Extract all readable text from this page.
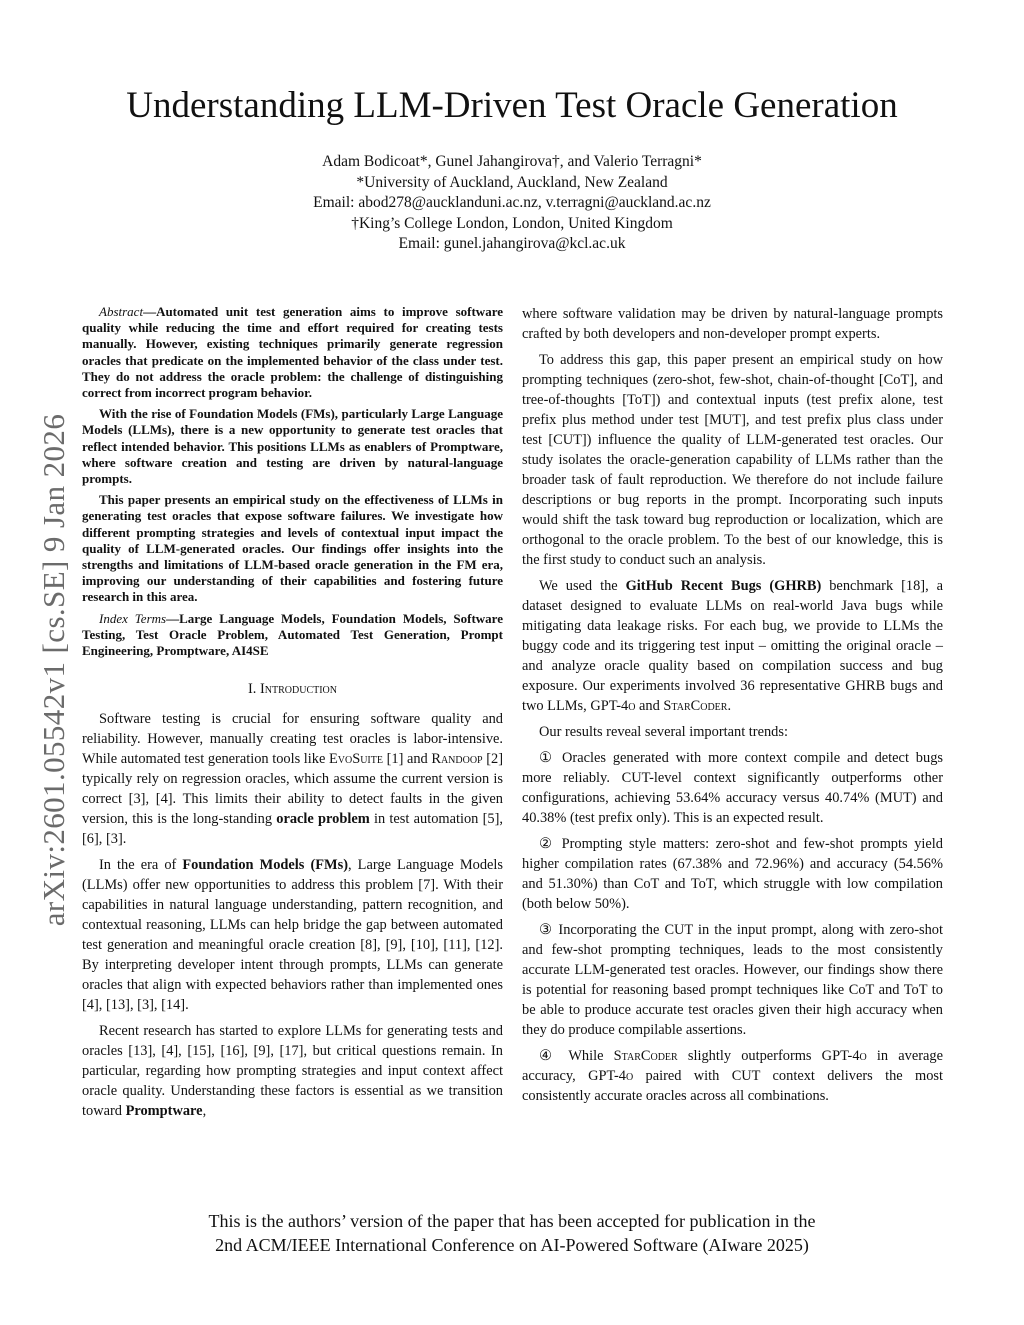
Understanding LLM-Driven Test Oracle Generation
Adam Bodicoat*, Gunel Jahangirova†, and Valerio Terragni*
*University of Auckland, Auckland, New Zealand
Email: abod278@aucklanduni.ac.nz, v.terragni@auckland.ac.nz
†King’s College London, London, United Kingdom
Email: gunel.jahangirova@kcl.ac.uk
arXiv:2601.05542v1 [cs.SE] 9 Jan 2026

Abstract—Automated unit test generation aims to improve software quality while reducing the time and effort required for creating tests manually. However, existing techniques primarily generate regression oracles that predicate on the implemented behavior of the class under test. They do not address the oracle problem: the challenge of distinguishing correct from incorrect program behavior.

With the rise of Foundation Models (FMs), particularly Large Language Models (LLMs), there is a new opportunity to generate test oracles that reflect intended behavior. This positions LLMs as enablers of Promptware, where software creation and testing are driven by natural-language prompts.

This paper presents an empirical study on the effectiveness of LLMs in generating test oracles that expose software failures. We investigate how different prompting strategies and levels of contextual input impact the quality of LLM-generated oracles. Our findings offer insights into the strengths and limitations of LLM-based oracle generation in the FM era, improving our understanding of their capabilities and fostering future research in this area.

Index Terms—Large Language Models, Foundation Models, Software Testing, Test Oracle Problem, Automated Test Generation, Prompt Engineering, Promptware, AI4SE

I. Introduction

Software testing is crucial for ensuring software quality and reliability. However, manually creating test oracles is labor-intensive. While automated test generation tools like EvoSuite [1] and Randoop [2] typically rely on regression oracles, which assume the current version is correct [3], [4]. This limits their ability to detect faults in the given version, this is the long-standing oracle problem in test automation [5], [6], [3].

In the era of Foundation Models (FMs), Large Language Models (LLMs) offer new opportunities to address this problem [7]. With their capabilities in natural language understanding, pattern recognition, and contextual reasoning, LLMs can help bridge the gap between automated test generation and meaningful oracle creation [8], [9], [10], [11], [12]. By interpreting developer intent through prompts, LLMs can generate oracles that align with expected behaviors rather than implemented ones [4], [13], [3], [14].

Recent research has started to explore LLMs for generating tests and oracles [13], [4], [15], [16], [9], [17], but critical questions remain. In particular, regarding how prompting strategies and input context affect oracle quality. Understanding these factors is essential as we transition toward Promptware,

where software validation may be driven by natural-language prompts crafted by both developers and non-developer prompt experts.

To address this gap, this paper present an empirical study on how prompting techniques (zero-shot, few-shot, chain-of-thought [CoT], and tree-of-thoughts [ToT]) and contextual inputs (test prefix alone, test prefix plus method under test [MUT], and test prefix plus class under test [CUT]) influence the quality of LLM-generated test oracles. Our study isolates the oracle-generation capability of LLMs rather than the broader task of fault reproduction. We therefore do not include failure descriptions or bug reports in the prompt. Incorporating such inputs would shift the task toward bug reproduction or localization, which are orthogonal to the oracle problem. To the best of our knowledge, this is the first study to conduct such an analysis.

We used the GitHub Recent Bugs (GHRB) benchmark [18], a dataset designed to evaluate LLMs on real-world Java bugs while mitigating data leakage risks. For each bug, we provide to LLMs the buggy code and its triggering test input – omitting the original oracle – and analyze oracle quality based on compilation success and bug exposure. Our experiments involved 36 representative GHRB bugs and two LLMs, GPT-4o and StarCoder.

Our results reveal several important trends:

① Oracles generated with more context compile and detect bugs more reliably. CUT-level context significantly outperforms other configurations, achieving 53.64% accuracy versus 40.74% (MUT) and 40.38% (test prefix only). This is an expected result.

② Prompting style matters: zero-shot and few-shot prompts yield higher compilation rates (67.38% and 72.96%) and accuracy (54.56% and 51.30%) than CoT and ToT, which struggle with low compilation (both below 50%).

③ Incorporating the CUT in the input prompt, along with zero-shot and few-shot prompting techniques, leads to the most consistently accurate LLM-generated test oracles. However, our findings show there is potential for reasoning based prompt techniques like CoT and ToT to be able to produce accurate test oracles given their high accuracy when they do produce compilable assertions.

④ While StarCoder slightly outperforms GPT-4o in average accuracy, GPT-4o paired with CUT context delivers the most consistently accurate oracles across all combinations.

This is the authors’ version of the paper that has been accepted for publication in the
2nd ACM/IEEE International Conference on AI-Powered Software (AIware 2025)
